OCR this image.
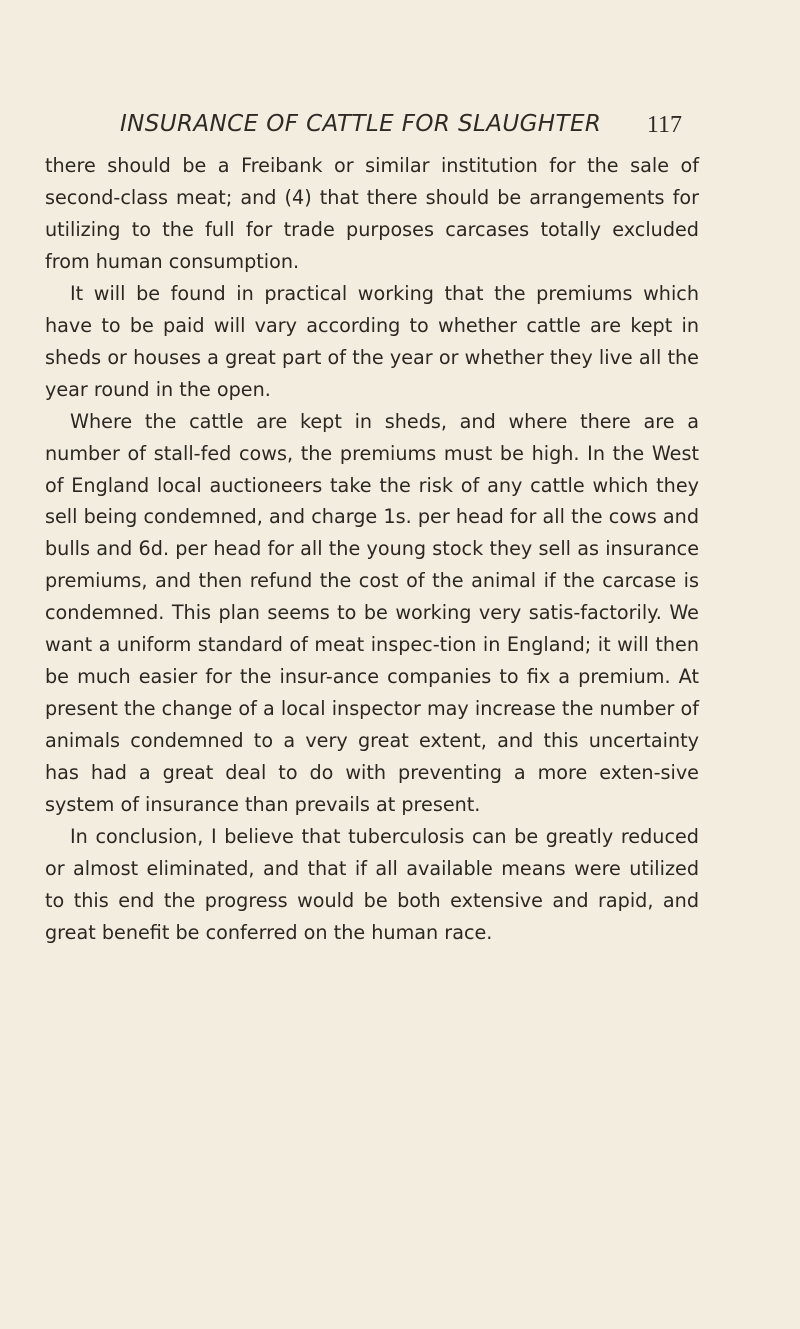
INSURANCE OF CATTLE FOR SLAUGHTER 117

there should be a Freibank or similar institution for the sale of second-class meat; and (4) that there should be arrangements for utilizing to the full for trade purposes carcases totally excluded from human consumption.

It will be found in practical working that the premiums which have to be paid will vary according to whether cattle are kept in sheds or houses a great part of the year or whether they live all the year round in the open.

Where the cattle are kept in sheds, and where there are a number of stall-fed cows, the premiums must be high. In the West of England local auctioneers take the risk of any cattle which they sell being condemned, and charge 1s. per head for all the cows and bulls and 6d. per head for all the young stock they sell as insurance premiums, and then refund the cost of the animal if the carcase is condemned. This plan seems to be working very satis-factorily. We want a uniform standard of meat inspec-tion in England; it will then be much easier for the insur-ance companies to fix a premium. At present the change of a local inspector may increase the number of animals condemned to a very great extent, and this uncertainty has had a great deal to do with preventing a more exten-sive system of insurance than prevails at present.

In conclusion, I believe that tuberculosis can be greatly reduced or almost eliminated, and that if all available means were utilized to this end the progress would be both extensive and rapid, and great benefit be conferred on the human race.
